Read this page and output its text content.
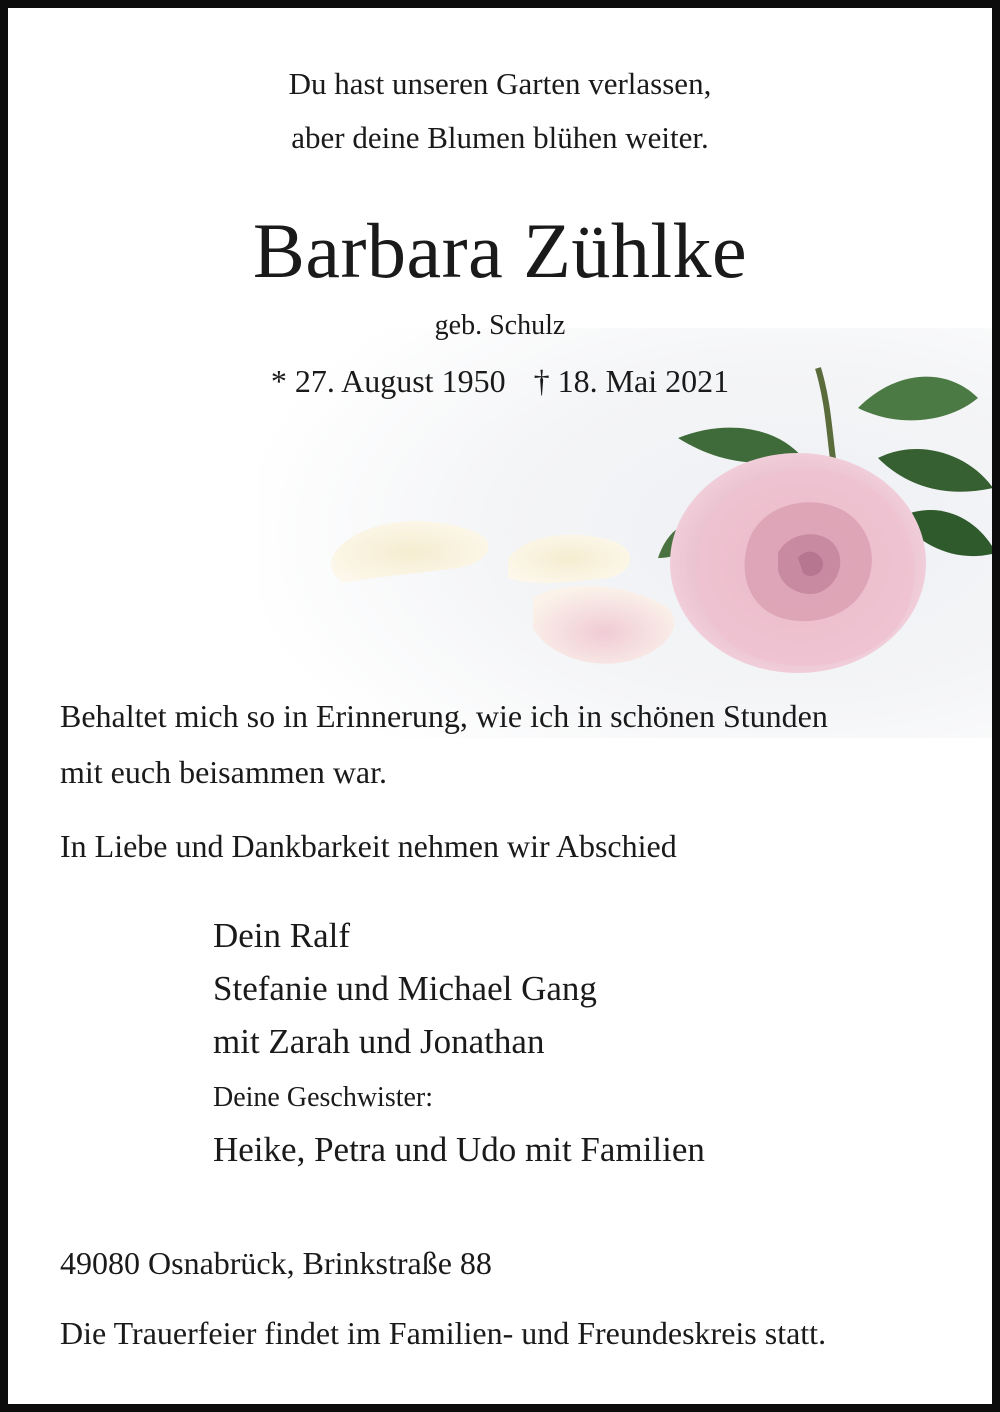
Du hast unseren Garten verlassen,
aber deine Blumen blühen weiter.
Barbara Zühlke
geb. Schulz
* 27. August 1950 † 18. Mai 2021
Behaltet mich so in Erinnerung, wie ich in schönen Stunden
mit euch beisammen war.
In Liebe und Dankbarkeit nehmen wir Abschied
Dein Ralf
Stefanie und Michael Gang
mit Zarah und Jonathan
Deine Geschwister:
Heike, Petra und Udo mit Familien
49080 Osnabrück, Brinkstraße 88
Die Trauerfeier findet im Familien- und Freundeskreis statt.
